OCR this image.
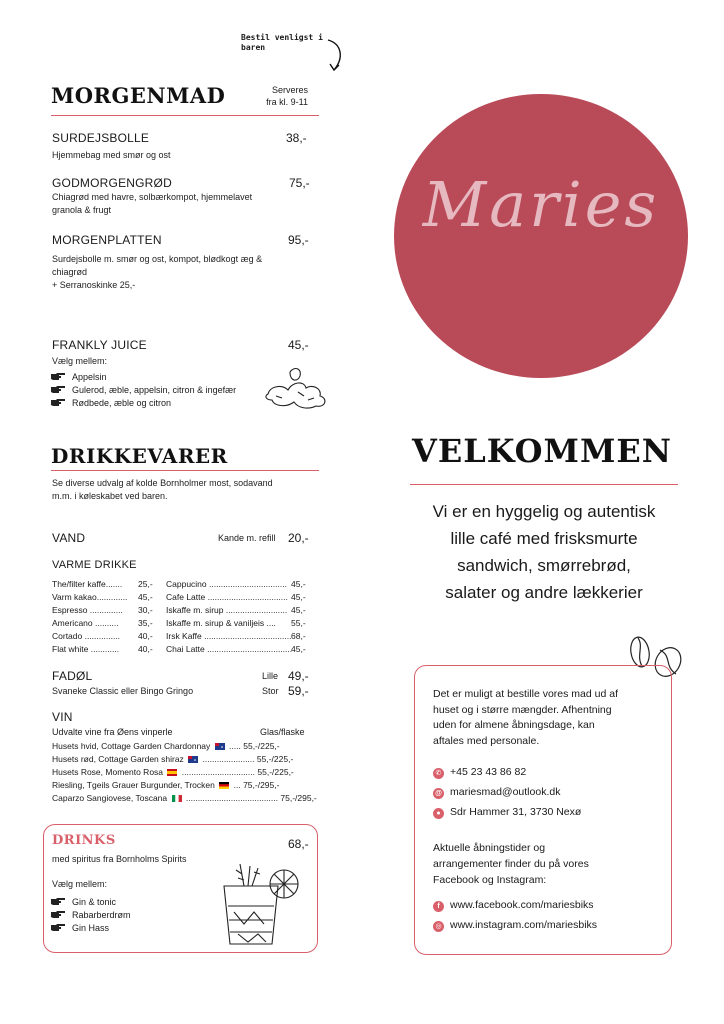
Bestil venligst i
baren
MORGENMAD	Serveres
fra kl. 9-11
SURDEJSBOLLE	38,-
Hjemmebag med smør og ost
GODMORGENGRØD	75,-
Chiagrød med havre, solbærkompot, hjemmelavet
granola & frugt
MORGENPLATTEN	95,-
Surdejsbolle m. smør og ost, kompot, blødkogt æg &
chiagrød
+ Serranoskinke 25,-
FRANKLY JUICE	45,-
Vælg mellem:
Appelsin
Gulerod, æble, appelsin, citron & ingefær
Rødbede, æble og citron
DRIKKEVARER
Se diverse udvalg af kolde Bornholmer most, sodavand
m.m. i køleskabet ved baren.
VAND	Kande m. refill 20,-
VARME DRIKKE
The/filter kaffe....... 25,-
Varm kakao............. 45,-
Espresso .............. 30,-
Americano .......... 35,-
Cortado ............... 40,-
Flat white ............ 40,-
Cappucino ................................. 45,-
Cafe Latte .................................. 45,-
Iskaffe m. sirup .......................... 45,-
Iskaffe m. sirup & vaniljeis .... 55,-
Irsk Kaffe ..................................... 68,-
Chai Latte ....................................
45,-
FADØL
Svaneke Classic eller Bingo Gringo
Lille 49,-
Stor 59,-
VIN
Udvalte vine fra Øens vinperle	Glas/flaske
Husets hvid, Cottage Garden Chardonnay ..... 55,-/225,-
Husets rød, Cottage Garden shiraz ...................... 55,-/225,-
Husets Rose, Momento Rosa ............................... 55,-/225,-
Riesling, Tgeils Grauer Burgunder, Trocken ... 75,-/295,-
Caparzo Sangiovese, Toscana ....................................... 75,-/295,-
DRINKS	68,-
med spiritus fra Bornholms Spirits
Vælg mellem:
Gin & tonic
Rabarberdrøm
Gin Hass
Maries
VELKOMMEN
Vi er en hyggelig og autentisk
lille café med frisksmurte
sandwich, smørrebrød,
salater og andre lækkerier
Det er muligt at bestille vores mad ud af
huset og i større mængder. Afhentning
uden for almene åbningsdage, kan
aftales med personale.
✆ +45 23 43 86 82
@ mariesmad@outlook.dk
● Sdr Hammer 31, 3730 Nexø
Aktuelle åbningstider og
arrangementer finder du på vores
Facebook og Instagram:
f www.facebook.com/mariesbiks
◎ www.instagram.com/mariesbiks
